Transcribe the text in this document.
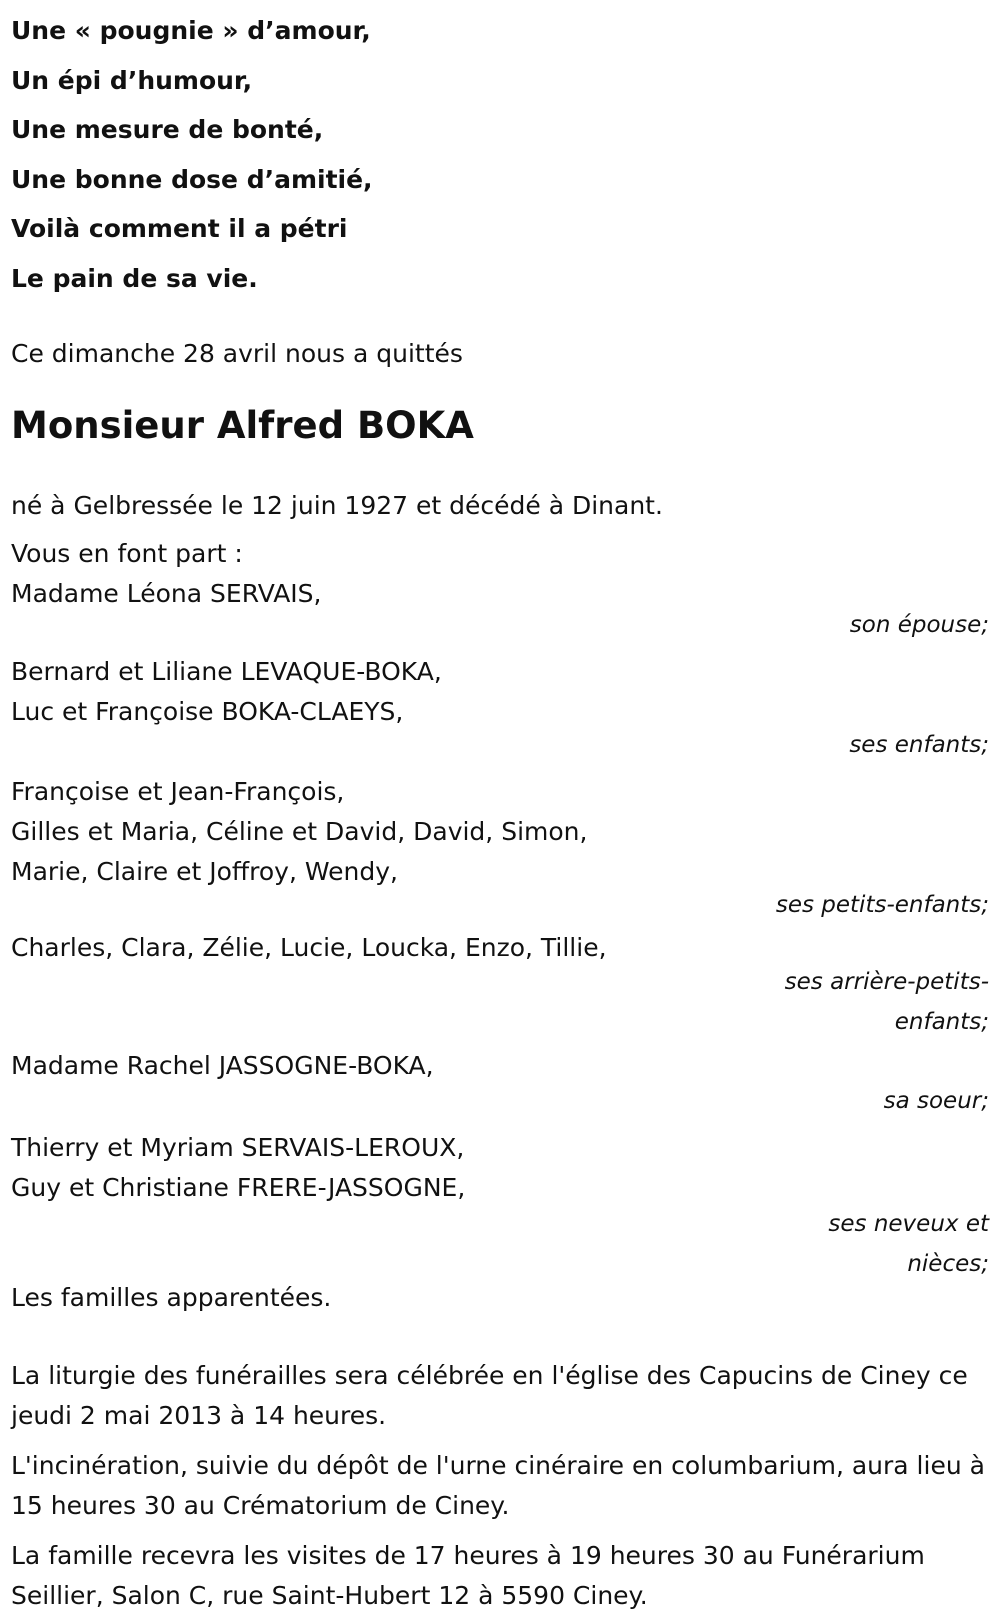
Une « pougnie » d’amour,

Un épi d’humour,

Une mesure de bonté,

Une bonne dose d’amitié,

Voilà comment il a pétri

Le pain de sa vie.

Ce dimanche 28 avril nous a quittés

Monsieur Alfred BOKA

né à Gelbressée le 12 juin 1927 et décédé à Dinant.

Vous en font part :

Madame Léona SERVAIS,

son épouse;

Bernard et Liliane LEVAQUE-BOKA,

Luc et Françoise BOKA-CLAEYS,

ses enfants;

Françoise et Jean-François,

Gilles et Maria, Céline et David, David, Simon,

Marie, Claire et Joffroy, Wendy,

ses petits-enfants;

Charles, Clara, Zélie, Lucie, Loucka, Enzo, Tillie,

ses arrière-petits-enfants;

Madame Rachel JASSOGNE-BOKA,

sa soeur;

Thierry et Myriam SERVAIS-LEROUX,

Guy et Christiane FRERE-JASSOGNE,

ses neveux et nièces;

Les familles apparentées.

La liturgie des funérailles sera célébrée en l'église des Capucins de Ciney ce jeudi 2 mai 2013 à 14 heures.

L'incinération, suivie du dépôt de l'urne cinéraire en columbarium, aura lieu à 15 heures 30 au Crématorium de Ciney.

La famille recevra les visites de 17 heures à 19 heures 30 au Funérarium Seillier, Salon C, rue Saint-Hubert 12 à 5590 Ciney.
